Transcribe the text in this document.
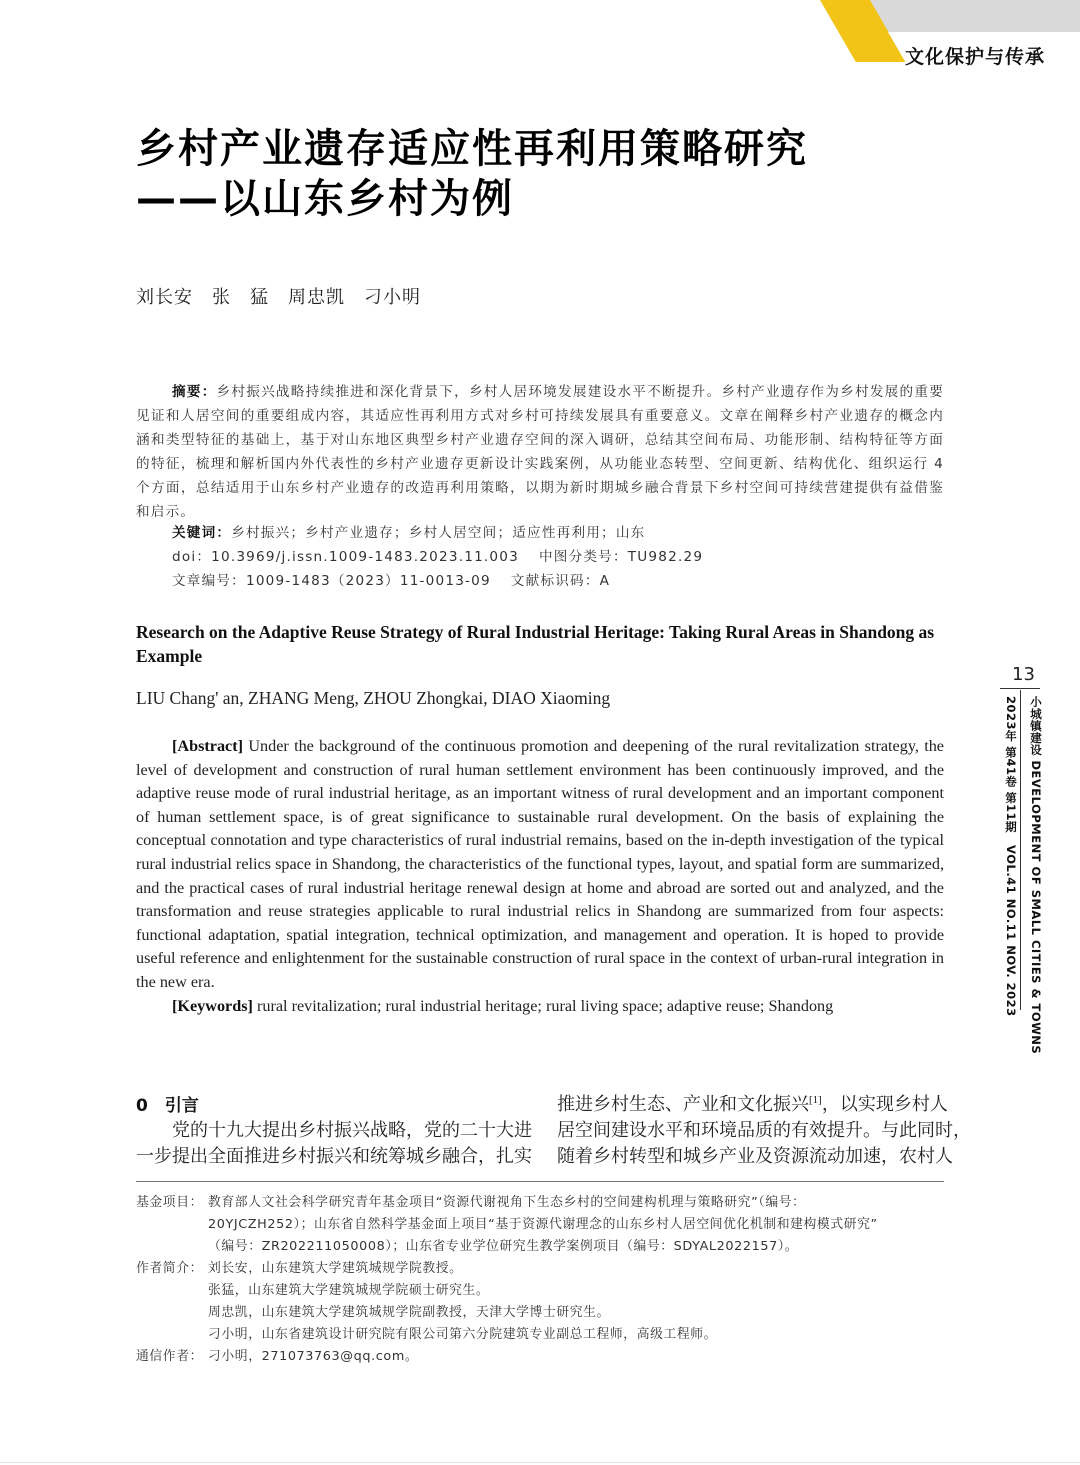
文化保护与传承
乡村产业遗存适应性再利用策略研究
——以山东乡村为例
刘长安　张　猛　周忠凯　刁小明
摘要：乡村振兴战略持续推进和深化背景下，乡村人居环境发展建设水平不断提升。乡村产业遗存作为乡村发展的重要见证和人居空间的重要组成内容，其适应性再利用方式对乡村可持续发展具有重要意义。文章在阐释乡村产业遗存的概念内涵和类型特征的基础上，基于对山东地区典型乡村产业遗存空间的深入调研，总结其空间布局、功能形制、结构特征等方面的特征，梳理和解析国内外代表性的乡村产业遗存更新设计实践案例，从功能业态转型、空间更新、结构优化、组织运行 4 个方面，总结适用于山东乡村产业遗存的改造再利用策略，以期为新时期城乡融合背景下乡村空间可持续营建提供有益借鉴和启示。
关键词：乡村振兴；乡村产业遗存；乡村人居空间；适应性再利用；山东
doi：10.3969/j.issn.1009-1483.2023.11.003 中图分类号：TU982.29
文章编号：1009-1483（2023）11-0013-09 文献标识码：A
Research on the Adaptive Reuse Strategy of Rural Industrial Heritage: Taking Rural Areas in Shandong as Example
LIU Chang' an, ZHANG Meng, ZHOU Zhongkai, DIAO Xiaoming
[Abstract] Under the background of the continuous promotion and deepening of the rural revitalization strategy, the level of development and construction of rural human settlement environment has been continuously improved, and the adaptive reuse mode of rural industrial heritage, as an important witness of rural development and an important component of human settlement space, is of great significance to sustainable rural development. On the basis of explaining the conceptual connotation and type characteristics of rural industrial remains, based on the in-depth investigation of the typical rural industrial relics space in Shandong, the characteristics of the functional types, layout, and spatial form are summarized, and the practical cases of rural industrial heritage renewal design at home and abroad are sorted out and analyzed, and the transformation and reuse strategies applicable to rural industrial relics in Shandong are summarized from four aspects: functional adaptation, spatial integration, technical optimization, and management and operation. It is hoped to provide useful reference and enlightenment for the sustainable construction of rural space in the context of urban-rural integration in the new era.
[Keywords] rural revitalization; rural industrial heritage; rural living space; adaptive reuse; Shandong
13
小城镇建设 DEVELOPMENT OF SMALL CITIES & TOWNS
2023年 第41卷 第11期　VOL.41 NO.11 NOV. 2023
0　引言
党的十九大提出乡村振兴战略，党的二十大进
一步提出全面推进乡村振兴和统筹城乡融合，扎实
推进乡村生态、产业和文化振兴[1]，以实现乡村人
居空间建设水平和环境品质的有效提升。与此同时，
随着乡村转型和城乡产业及资源流动加速，农村人
基金项目： 教育部人文社会科学研究青年基金项目“资源代谢视角下生态乡村的空间建构机理与策略研究”（编号：
20YJCZH252）；山东省自然科学基金面上项目“基于资源代谢理念的山东乡村人居空间优化机制和建构模式研究”
（编号：ZR202211050008）；山东省专业学位研究生教学案例项目（编号：SDYAL2022157）。
作者简介： 刘长安，山东建筑大学建筑城规学院教授。
张猛，山东建筑大学建筑城规学院硕士研究生。
周忠凯，山东建筑大学建筑城规学院副教授，天津大学博士研究生。
刁小明，山东省建筑设计研究院有限公司第六分院建筑专业副总工程师，高级工程师。
通信作者： 刁小明，271073763@qq.com。
